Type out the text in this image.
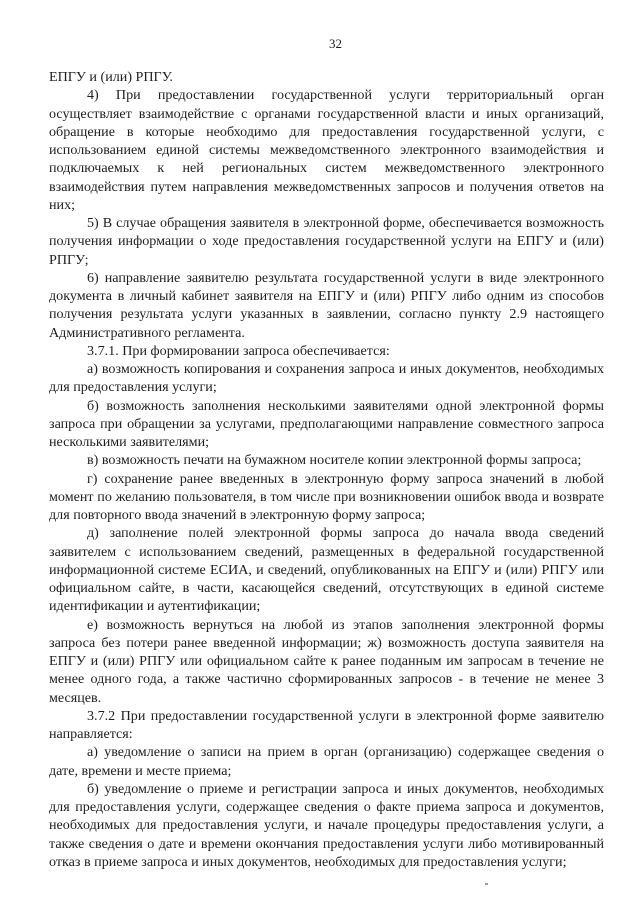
32

ЕПГУ и (или) РПГУ.

4) При предоставлении государственной услуги территориальный орган осуществляет взаимодействие с органами государственной власти и иных организаций, обращение в которые необходимо для предоставления государственной услуги, с использованием единой системы межведомственного электронного взаимодействия и подключаемых к ней региональных систем межведомственного электронного взаимодействия путем направления межведомственных запросов и получения ответов на них;

5) В случае обращения заявителя в электронной форме, обеспечивается возможность получения информации о ходе предоставления государственной услуги на ЕПГУ и (или) РПГУ;

6) направление заявителю результата государственной услуги в виде электронного документа в личный кабинет заявителя на ЕПГУ и (или) РПГУ либо одним из способов получения результата услуги указанных в заявлении, согласно пункту 2.9 настоящего Административного регламента.

3.7.1. При формировании запроса обеспечивается:

а) возможность копирования и сохранения запроса и иных документов, необходимых для предоставления услуги;

б) возможность заполнения несколькими заявителями одной электронной формы запроса при обращении за услугами, предполагающими направление совместного запроса несколькими заявителями;

в) возможность печати на бумажном носителе копии электронной формы запроса;

г) сохранение ранее введенных в электронную форму запроса значений в любой момент по желанию пользователя, в том числе при возникновении ошибок ввода и возврате для повторного ввода значений в электронную форму запроса;

д) заполнение полей электронной формы запроса до начала ввода сведений заявителем с использованием сведений, размещенных в федеральной государственной информационной системе ЕСИА, и сведений, опубликованных на ЕПГУ и (или) РПГУ или официальном сайте, в части, касающейся сведений, отсутствующих в единой системе идентификации и аутентификации;

е) возможность вернуться на любой из этапов заполнения электронной формы запроса без потери ранее введенной информации; ж) возможность доступа заявителя на ЕПГУ и (или) РПГУ или официальном сайте к ранее поданным им запросам в течение не менее одного года, а также частично сформированных запросов - в течение не менее 3 месяцев.

3.7.2 При предоставлении государственной услуги в электронной форме заявителю направляется:

а) уведомление о записи на прием в орган (организацию) содержащее сведения о дате, времени и месте приема;

б) уведомление о приеме и регистрации запроса и иных документов, необходимых для предоставления услуги, содержащее сведения о факте приема запроса и документов, необходимых для предоставления услуги, и начале процедуры предоставления услуги, а также сведения о дате и времени окончания предоставления услуги либо мотивированный отказ в приеме запроса и иных документов, необходимых для предоставления услуги;
